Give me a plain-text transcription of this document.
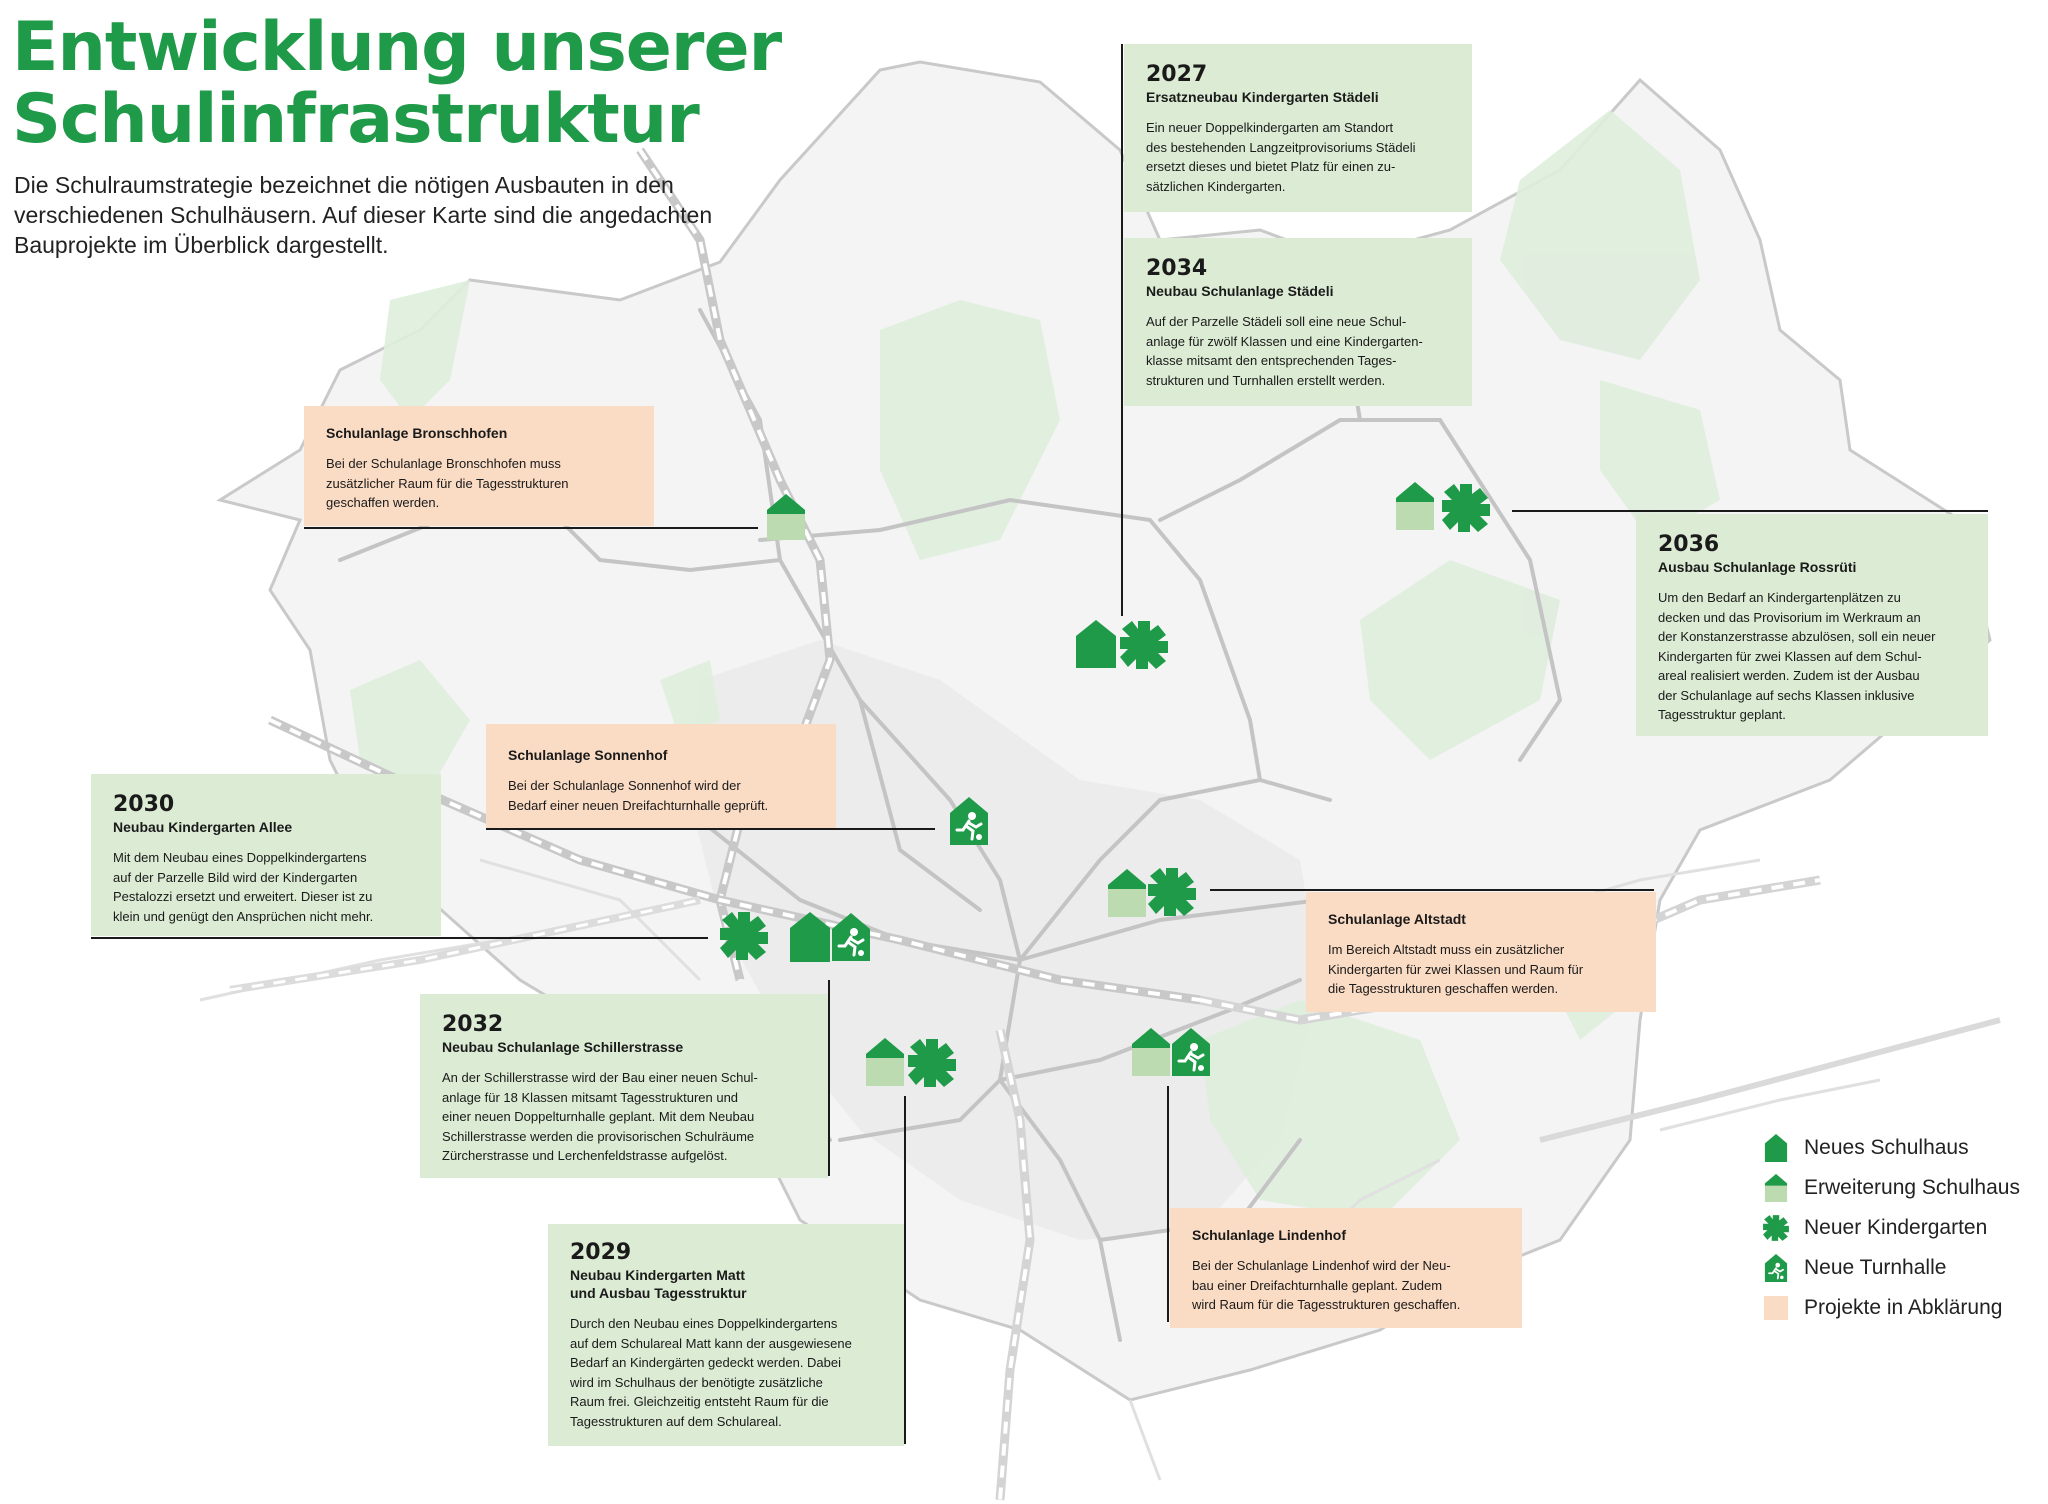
Entwicklung unserer
Schulinfrastruktur
Die Schulraumstrategie bezeichnet die nötigen Ausbauten in den verschiedenen Schulhäusern. Auf dieser Karte sind die angedachten Bauprojekte im Überblick dargestellt.

2027

Ersatzneubau Kindergarten Städeli

Ein neuer Doppelkindergarten am Standort
des bestehenden Langzeitprovisoriums Städeli
ersetzt dieses und bietet Platz für einen zu-
sätzlichen Kindergarten.

2034

Neubau Schulanlage Städeli

Auf der Parzelle Städeli soll eine neue Schul-
anlage für zwölf Klassen und eine Kindergarten-
klasse mitsamt den entsprechenden Tages-
strukturen und Turnhallen erstellt werden.

Schulanlage Bronschhofen

Bei der Schulanlage Bronschhofen muss
zusätzlicher Raum für die Tagesstrukturen
geschaffen werden.

2036

Ausbau Schulanlage Rossrüti

Um den Bedarf an Kindergartenplätzen zu
decken und das Provisorium im Werkraum an
der Konstanzerstrasse abzulösen, soll ein neuer
Kindergarten für zwei Klassen auf dem Schul-
areal realisiert werden. Zudem ist der Ausbau
der Schulanlage auf sechs Klassen inklusive
Tagesstruktur geplant.

Schulanlage Sonnenhof

Bei der Schulanlage Sonnenhof wird der
Bedarf einer neuen Dreifachturnhalle geprüft.

2030

Neubau Kindergarten Allee

Mit dem Neubau eines Doppelkindergartens
auf der Parzelle Bild wird der Kindergarten
Pestalozzi ersetzt und erweitert. Dieser ist zu
klein und genügt den Ansprüchen nicht mehr.	Schulanlage Altstadt

Im Bereich Altstadt muss ein zusätzlicher
Kindergarten für zwei Klassen und Raum für
die Tagesstrukturen geschaffen werden.

2032

Neubau Schulanlage Schillerstrasse

An der Schillerstrasse wird der Bau einer neuen Schul-
anlage für 18 Klassen mitsamt Tagesstrukturen und
einer neuen Doppelturnhalle geplant. Mit dem Neubau
Schillerstrasse werden die provisorischen Schulräume
Zürcherstrasse und Lerchenfeldstrasse aufgelöst.

Schulanlage Lindenhof

Bei der Schulanlage Lindenhof wird der Neu-
bau einer Dreifachturnhalle geplant. Zudem
wird Raum für die Tagesstrukturen geschaffen.

2029

Neubau Kindergarten Matt
und Ausbau Tagesstruktur

Durch den Neubau eines Doppelkindergartens
auf dem Schulareal Matt kann der ausgewiesene
Bedarf an Kindergärten gedeckt werden. Dabei
wird im Schulhaus der benötigte zusätzliche
Raum frei. Gleichzeitig entsteht Raum für die
Tagesstrukturen auf dem Schulareal.

Neues Schulhaus
Erweiterung Schulhaus
Neuer Kindergarten
Neue Turnhalle
Projekte in Abklärung
